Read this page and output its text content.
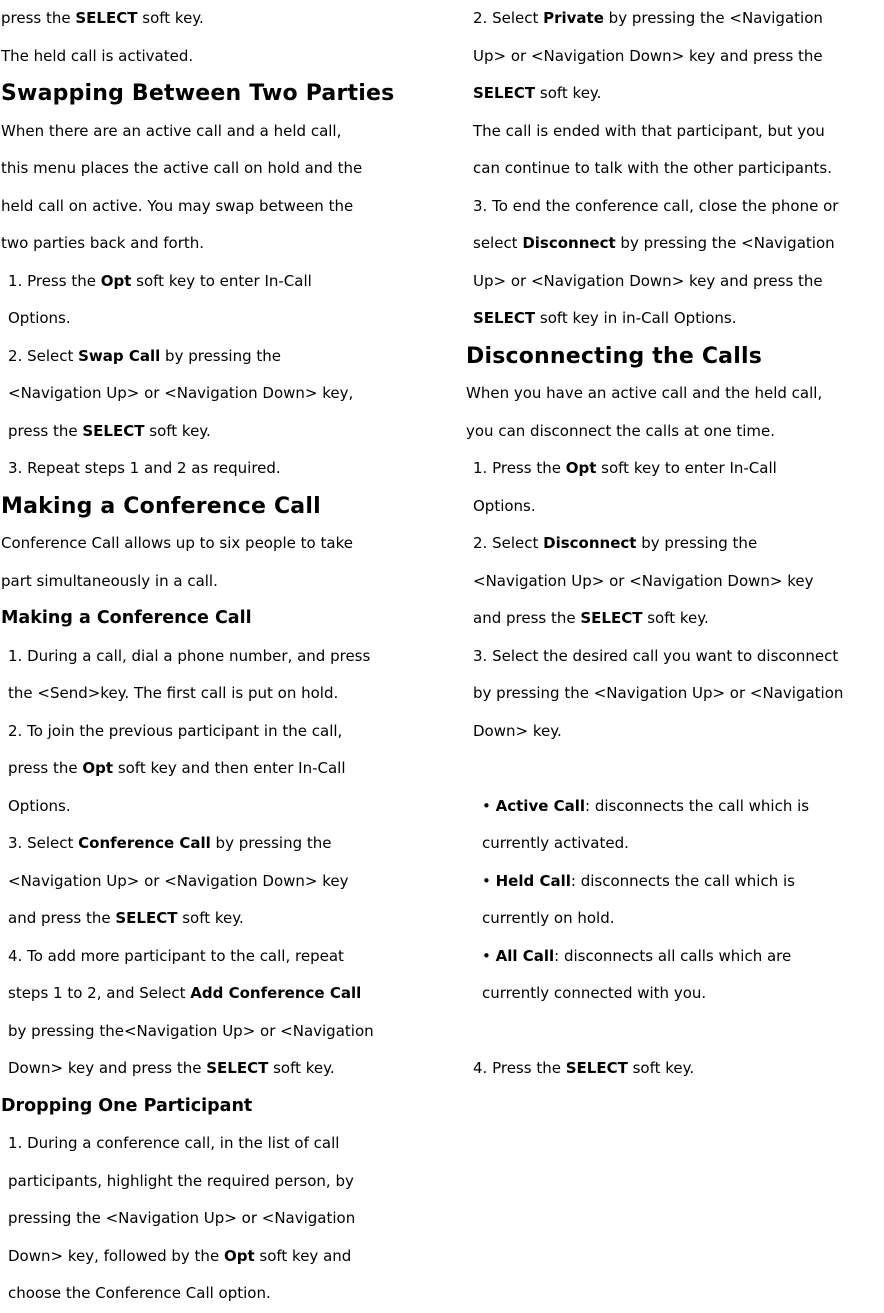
press the SELECT soft key.
The held call is activated.
Swapping Between Two Parties
When there are an active call and a held call,
this menu places the active call on hold and the
held call on active. You may swap between the
two parties back and forth.
1. Press the Opt soft key to enter In-Call
Options.
2. Select Swap Call by pressing the
<Navigation Up> or <Navigation Down> key,
press the SELECT soft key.
3. Repeat steps 1 and 2 as required.
Making a Conference Call
Conference Call allows up to six people to take
part simultaneously in a call.
Making a Conference Call
1. During a call, dial a phone number, and press
the <Send>key. The first call is put on hold.
2. To join the previous participant in the call,
press the Opt soft key and then enter In-Call
Options.
3. Select Conference Call by pressing the
<Navigation Up> or <Navigation Down> key
and press the SELECT soft key.
4. To add more participant to the call, repeat
steps 1 to 2, and Select Add Conference Call
by pressing the<Navigation Up> or <Navigation
Down> key and press the SELECT soft key.
Dropping One Participant
1. During a conference call, in the list of call
participants, highlight the required person, by
pressing the <Navigation Up> or <Navigation
Down> key, followed by the Opt soft key and
choose the Conference Call option.
2. Select Private by pressing the <Navigation
Up> or <Navigation Down> key and press the
SELECT soft key.
The call is ended with that participant, but you
can continue to talk with the other participants.
3. To end the conference call, close the phone or
select Disconnect by pressing the <Navigation
Up> or <Navigation Down> key and press the
SELECT soft key in in-Call Options.
Disconnecting the Calls
When you have an active call and the held call,
you can disconnect the calls at one time.
1. Press the Opt soft key to enter In-Call
Options.
2. Select Disconnect by pressing the
<Navigation Up> or <Navigation Down> key
and press the SELECT soft key.
3. Select the desired call you want to disconnect
by pressing the <Navigation Up> or <Navigation
Down> key.
• Active Call: disconnects the call which is
currently activated.
• Held Call: disconnects the call which is
currently on hold.
• All Call: disconnects all calls which are
currently connected with you.
4. Press the SELECT soft key.
